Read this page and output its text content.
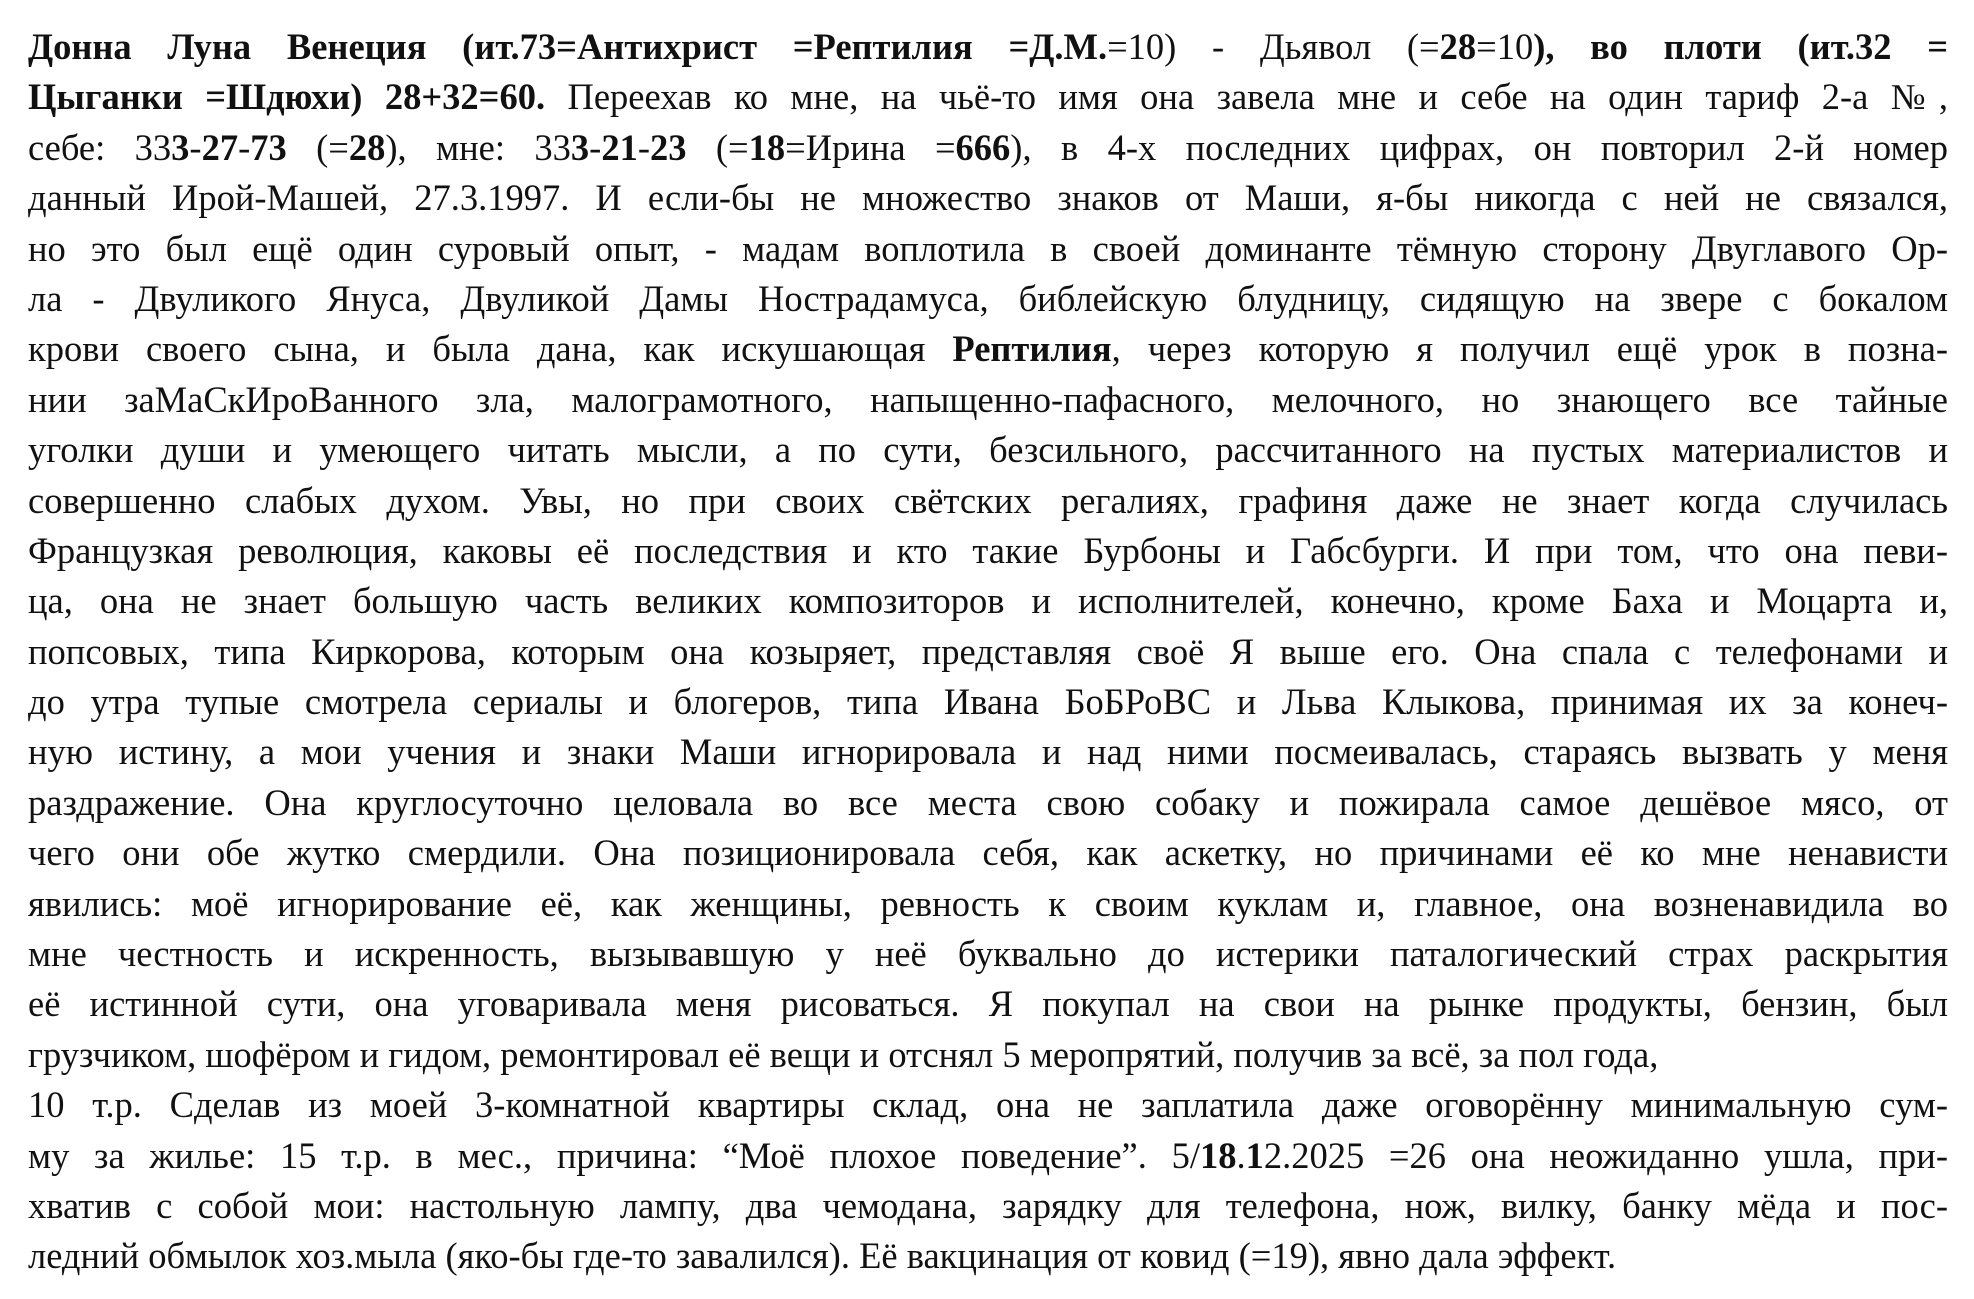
Донна Луна Венеция (ит.73=Антихрист =Рептилия =Д.М.=10) - Дьявол (=28=10), во плоти (ит.32 =
Цыганки =Шдюхи) 28+32=60. Переехав ко мне, на чьё-то имя она завела мне и себе на один тариф 2-а №,
себе: 333-27-73 (=28), мне: 333-21-23 (=18=Ирина =666), в 4-х последних цифрах, он повторил 2-й номер
данный Ирой-Машей, 27.3.1997. И если-бы не множество знаков от Маши, я-бы никогда с ней не связался,
но это был ещё один суровый опыт, - мадам воплотила в своей доминанте тёмную сторону Двуглавого Ор-
ла - Двуликого Януса, Двуликой Дамы Нострадамуса, библейскую блудницу, сидящую на звере с бокалом
крови своего сына, и была дана, как искушающая Рептилия, через которую я получил ещё урок в позна-
нии заМаСкИроВанного зла, малограмотного, напыщенно-пафасного, мелочного, но знающего все тайные
уголки души и умеющего читать мысли, а по сути, безсильного, рассчитанного на пустых материалистов и
совершенно слабых духом. Увы, но при своих свётских регалиях, графиня даже не знает когда случилась
Французкая революция, каковы её последствия и кто такие Бурбоны и Габсбурги. И при том, что она певи-
ца, она не знает большую часть великих композиторов и исполнителей, конечно, кроме Баха и Моцарта и,
попсовых, типа Киркорова, которым она козыряет, представляя своё Я выше его. Она спала с телефонами и
до утра тупые смотрела сериалы и блогеров, типа Ивана БоБРоВС и Льва Клыкова, принимая их за конеч-
ную истину, а мои учения и знаки Маши игнорировала и над ними посмеивалась, стараясь вызвать у меня
раздражение. Она круглосуточно целовала во все места свою собаку и пожирала самое дешёвое мясо, от
чего они обе жутко смердили. Она позиционировала себя, как аскетку, но причинами её ко мне ненависти
явились: моё игнорирование её, как женщины, ревность к своим куклам и, главное, она возненавидила во
мне честность и искренность, вызывавшую у неё буквально до истерики паталогический страх раскрытия
её истинной сути, она уговаривала меня рисоваться. Я покупал на свои на рынке продукты, бензин, был
грузчиком, шофёром и гидом, ремонтировал её вещи и отснял 5 меропрятий, получив за всё, за пол года,
10 т.р. Сделав из моей 3-комнатной квартиры склад, она не заплатила даже оговорённу минимальную сум-
му за жилье: 15 т.р. в мес., причина: “Моё плохое поведение”. 5/18.12.2025 =26 она неожиданно ушла, при-
хватив с собой мои: настольную лампу, два чемодана, зарядку для телефона, нож, вилку, банку мёда и пос-
ледний обмылок хоз.мыла (яко-бы где-то завалился). Её вакцинация от ковид (=19), явно дала эффект.
